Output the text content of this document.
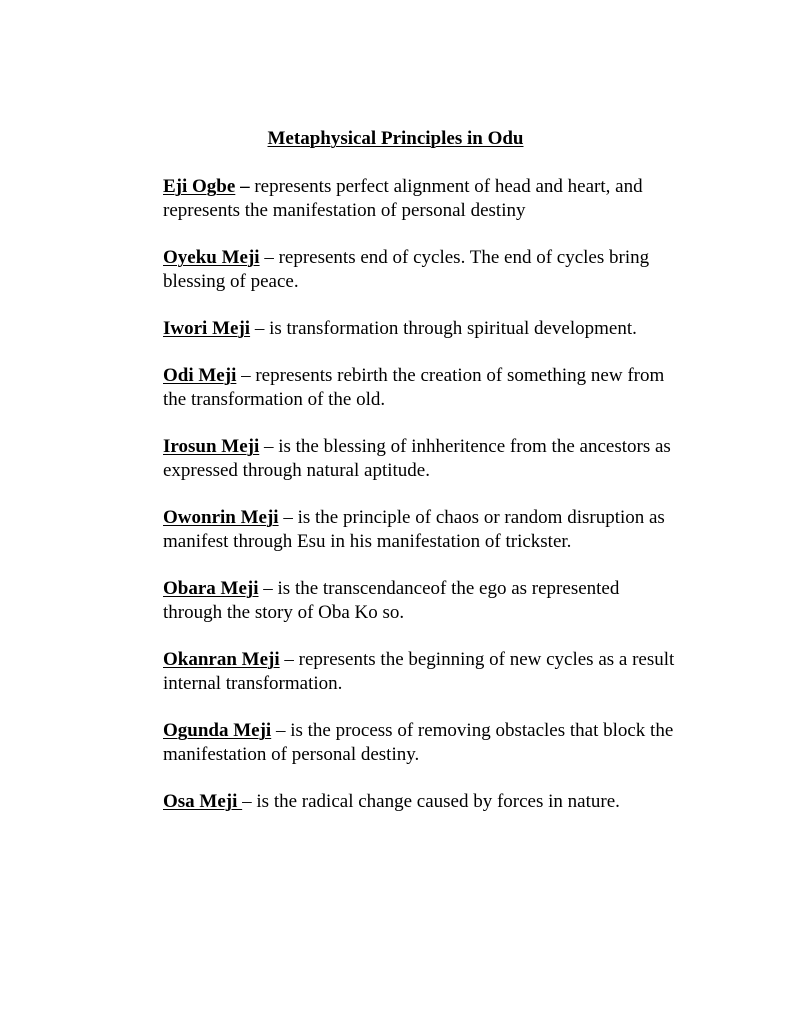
Metaphysical Principles in Odu

Eji Ogbe – represents perfect alignment of head and heart, and represents the manifestation of personal destiny

Oyeku Meji – represents end of cycles. The end of cycles bring blessing of peace.

Iwori Meji – is transformation through spiritual development.

Odi Meji – represents rebirth the creation of something new from the transformation of the old.

Irosun Meji – is the blessing of inhheritence from the ancestors as expressed through natural aptitude.

Owonrin Meji – is the principle of chaos or random disruption as manifest through Esu in his manifestation of trickster.

Obara Meji – is the transcendanceof the ego as represented through the story of Oba Ko so.

Okanran Meji – represents the beginning of new cycles as a result internal transformation.

Ogunda Meji – is the process of removing obstacles that block the manifestation of personal destiny.

Osa Meji – is the radical change caused by forces in nature.
